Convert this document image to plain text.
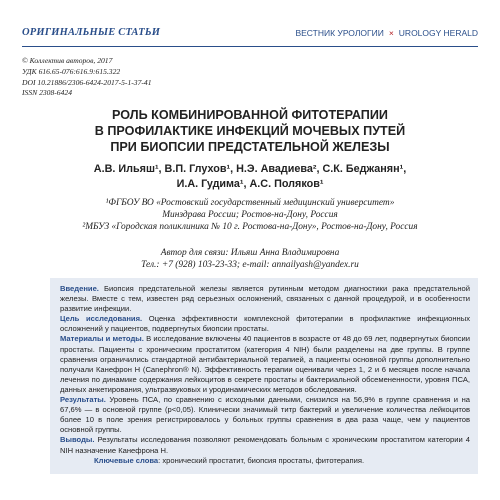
ОРИГИНАЛЬНЫЕ СТАТЬИ	ВЕСТНИК УРОЛОГИИ × UROLOGY HERALD
© Коллектив авторов, 2017
УДК 616.65-076:616.9:615.322
DOI 10.21886/2306-6424-2017-5-1-37-41
ISSN 2308-6424
РОЛЬ КОМБИНИРОВАННОЙ ФИТОТЕРАПИИ
В ПРОФИЛАКТИКЕ ИНФЕКЦИЙ МОЧЕВЫХ ПУТЕЙ
ПРИ БИОПСИИ ПРЕДСТАТЕЛЬНОЙ ЖЕЛЕЗЫ
А.В. Ильяш¹, В.П. Глухов¹, Н.Э. Авадиева², С.К. Беджанян¹,
И.А. Гудима¹, А.С. Поляков¹
¹ФГБОУ ВО «Ростовский государственный медицинский университет»
Минздрава России; Ростов-на-Дону, Россия
²МБУЗ «Городская поликлиника № 10 г. Ростова-на-Дону», Ростов-на-Дону, Россия
Автор для связи: Ильяш Анна Владимировна
Тел.: +7 (928) 103-23-33; e-mail: annailyash@yandex.ru

Введение. Биопсия предстательной железы является рутинным методом диагностики рака предстательной железы. Вместе с тем, известен ряд серьезных осложнений, связанных с данной процедурой, и в особенности развитие инфекции.

Цель исследования. Оценка эффективности комплексной фитотерапии в профилактике инфекционных осложнений у пациентов, подвергнутых биопсии простаты.

Материалы и методы. В исследование включены 40 пациентов в возрасте от 48 до 69 лет, подвергнутых биопсии простаты. Пациенты с хроническим простатитом (категория 4 NIH) были разделены на две группы. В группе сравнения ограничились стандартной антибактериальной терапией, а пациенты основной группы дополнительно получали Канефрон Н (Canephron® N). Эффективность терапии оценивали через 1, 2 и 6 месяцев после начала лечения по динамике содержания лейкоцитов в секрете простаты и бактериальной обсемененности, уровня ПСА, данных анкетирования, ультразвуковых и уродинамических методов обследования.

Результаты. Уровень ПСА, по сравнению с исходными данными, снизился на 56,9% в группе сравнения и на 67,6% — в основной группе (p<0,05). Клинически значимый титр бактерий и увеличение количества лейкоцитов более 10 в поле зрения регистрировалось у больных группы сравнения в два раза чаще, чем у пациентов основной группы.

Выводы. Результаты исследования позволяют рекомендовать больным с хроническим простатитом категории 4 NIH назначение Канефрона Н.

Ключевые слова: хронический простатит, биопсия простаты, фитотерапия.
